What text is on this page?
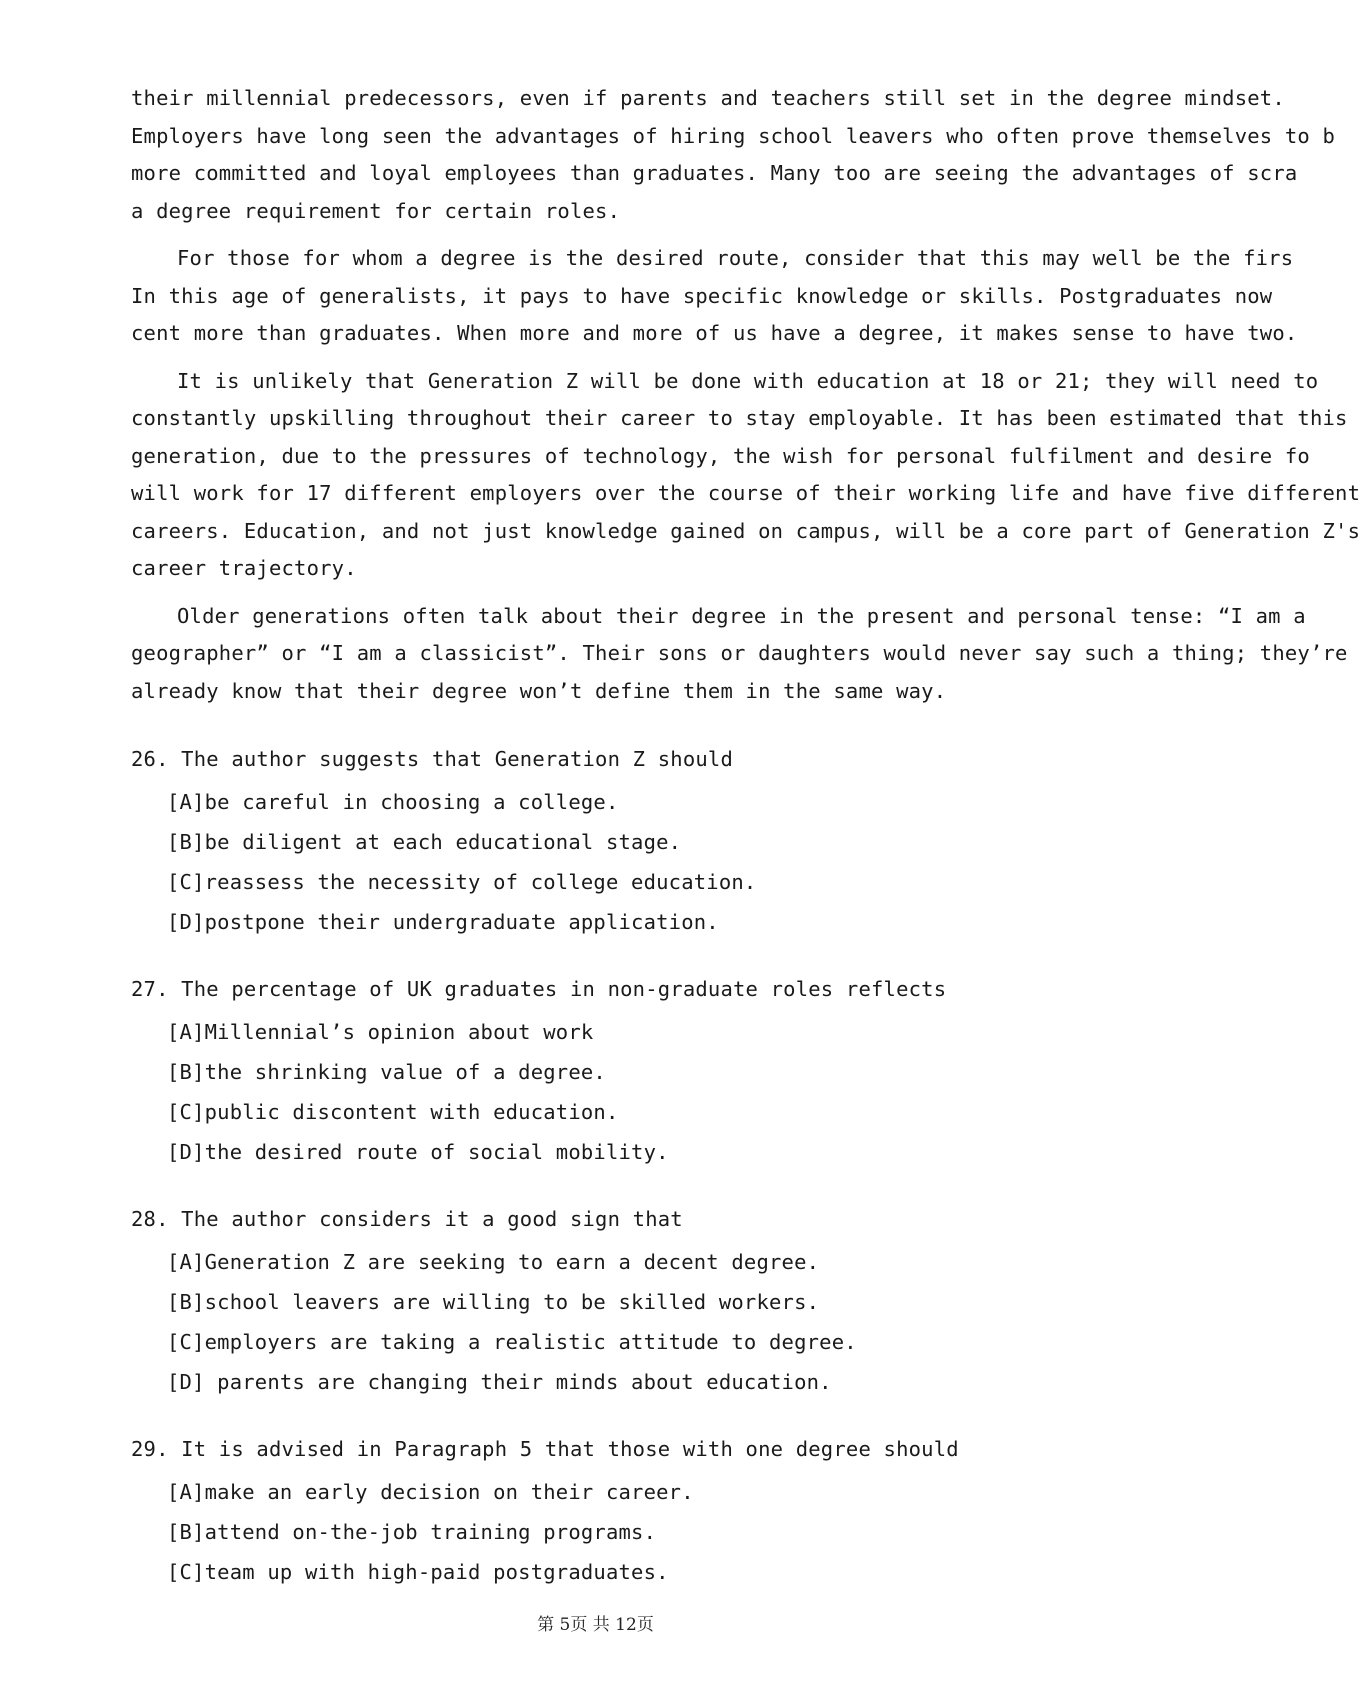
their millennial predecessors, even if parents and teachers still set in the degree mindset.
Employers have long seen the advantages of hiring school leavers who often prove themselves to b
more committed and loyal employees than graduates. Many too are seeing the advantages of scra
a degree requirement for certain roles.
For those for whom a degree is the desired route, consider that this may well be the firs
In this age of generalists, it pays to have specific knowledge or skills. Postgraduates now
cent more than graduates. When more and more of us have a degree, it makes sense to have two.
It is unlikely that Generation Z will be done with education at 18 or 21; they will need to
constantly upskilling throughout their career to stay employable. It has been estimated that this
generation, due to the pressures of technology, the wish for personal fulfilment and desire fo
will work for 17 different employers over the course of their working life and have five different
careers. Education, and not just knowledge gained on campus, will be a core part of Generation Z's
career trajectory.
Older generations often talk about their degree in the present and personal tense: “I am a
geographer” or “I am a classicist”. Their sons or daughters would never say such a thing; they’re
already know that their degree won’t define them in the same way.
26. The author suggests that Generation Z should
[A]be careful in choosing a college.
[B]be diligent at each educational stage.
[C]reassess the necessity of college education.
[D]postpone their undergraduate application.
27. The percentage of UK graduates in non-graduate roles reflects
[A]Millennial’s opinion about work
[B]the shrinking value of a degree.
[C]public discontent with education.
[D]the desired route of social mobility.
28. The author considers it a good sign that
[A]Generation Z are seeking to earn a decent degree.
[B]school leavers are willing to be skilled workers.
[C]employers are taking a realistic attitude to degree.
[D] parents are changing their minds about education.
29. It is advised in Paragraph 5 that those with one degree should
[A]make an early decision on their career.
[B]attend on-the-job training programs.
[C]team up with high-paid postgraduates.
第 5页 共 12页
